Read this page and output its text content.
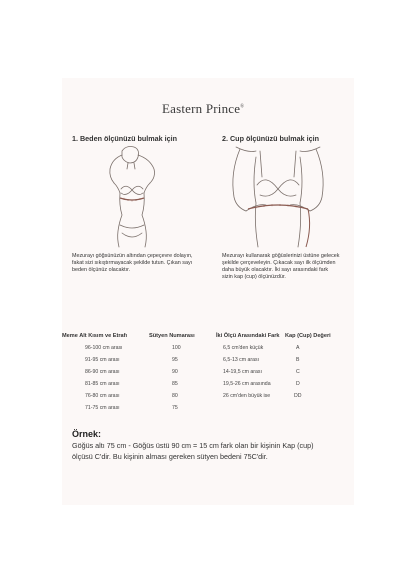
Eastern Prince®
1. Beden ölçünüzü bulmak için
Mezurayı göğsünüzün altından çepeçevre dolayın, fakat sizi sıkıştırmayacak şekilde tutun. Çıkan sayı beden ölçünüz olacaktır.
2. Cup ölçünüzü bulmak için
Mezurayı kullanarak göğüslerinizi üstüne gelecek şekilde çerçeveleyin. Çıkacak sayı ilk ölçümden daha büyük olacaktır. İki sayı arasındaki fark sizin kap (cup) ölçünüzdür.
Meme Alt Kısım ve Etrafı	Sütyen Numarası
96-100 cm arası	100
91-95 cm arası	95
86-90 cm arası	90
81-85 cm arası	85
76-80 cm arası	80
71-75 cm arası	75
İki Ölçü Arasındaki Fark Kap (Cup) Değeri
6,5 cm'den küçük	A
6,5-13 cm arası	B
14-19,5 cm arası	C
19,5-26 cm arasında	D
26 cm'den büyük ise	DD
Örnek:
Göğüs altı 75 cm - Göğüs üstü 90 cm = 15 cm fark olan bir kişinin Kap (cup) ölçüsü C'dir. Bu kişinin alması gereken sütyen bedeni 75C'dir.
